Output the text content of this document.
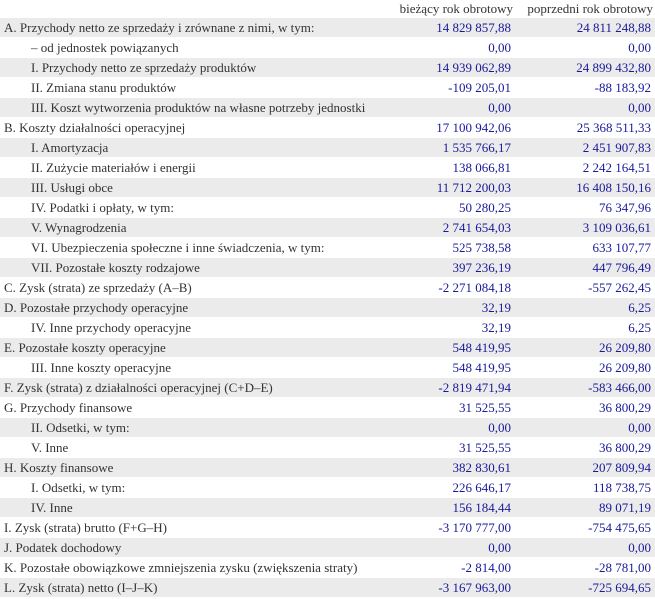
	bieżący rok obrotowy	poprzedni rok obrotowy
A. Przychody netto ze sprzedaży i zrównane z nimi, w tym:	14 829 857,88	24 811 248,88
– od jednostek powiązanych	0,00	0,00
I. Przychody netto ze sprzedaży produktów	14 939 062,89	24 899 432,80
II. Zmiana stanu produktów	-109 205,01	-88 183,92
III. Koszt wytworzenia produktów na własne potrzeby jednostki	0,00	0,00
B. Koszty działalności operacyjnej	17 100 942,06	25 368 511,33
I. Amortyzacja	1 535 766,17	2 451 907,83
II. Zużycie materiałów i energii	138 066,81	2 242 164,51
III. Usługi obce	11 712 200,03	16 408 150,16
IV. Podatki i opłaty, w tym:	50 280,25	76 347,96
V. Wynagrodzenia	2 741 654,03	3 109 036,61
VI. Ubezpieczenia społeczne i inne świadczenia, w tym:	525 738,58	633 107,77
VII. Pozostałe koszty rodzajowe	397 236,19	447 796,49
C. Zysk (strata) ze sprzedaży (A–B)	-2 271 084,18	-557 262,45
D. Pozostałe przychody operacyjne	32,19	6,25
IV. Inne przychody operacyjne	32,19	6,25
E. Pozostałe koszty operacyjne	548 419,95	26 209,80
III. Inne koszty operacyjne	548 419,95	26 209,80
F. Zysk (strata) z działalności operacyjnej (C+D–E)	-2 819 471,94	-583 466,00
G. Przychody finansowe	31 525,55	36 800,29
II. Odsetki, w tym:	0,00	0,00
V. Inne	31 525,55	36 800,29
H. Koszty finansowe	382 830,61	207 809,94
I. Odsetki, w tym:	226 646,17	118 738,75
IV. Inne	156 184,44	89 071,19
I. Zysk (strata) brutto (F+G–H)	-3 170 777,00	-754 475,65
J. Podatek dochodowy	0,00	0,00
K. Pozostałe obowiązkowe zmniejszenia zysku (zwiększenia straty)	-2 814,00	-28 781,00
L. Zysk (strata) netto (I–J–K)	-3 167 963,00	-725 694,65
